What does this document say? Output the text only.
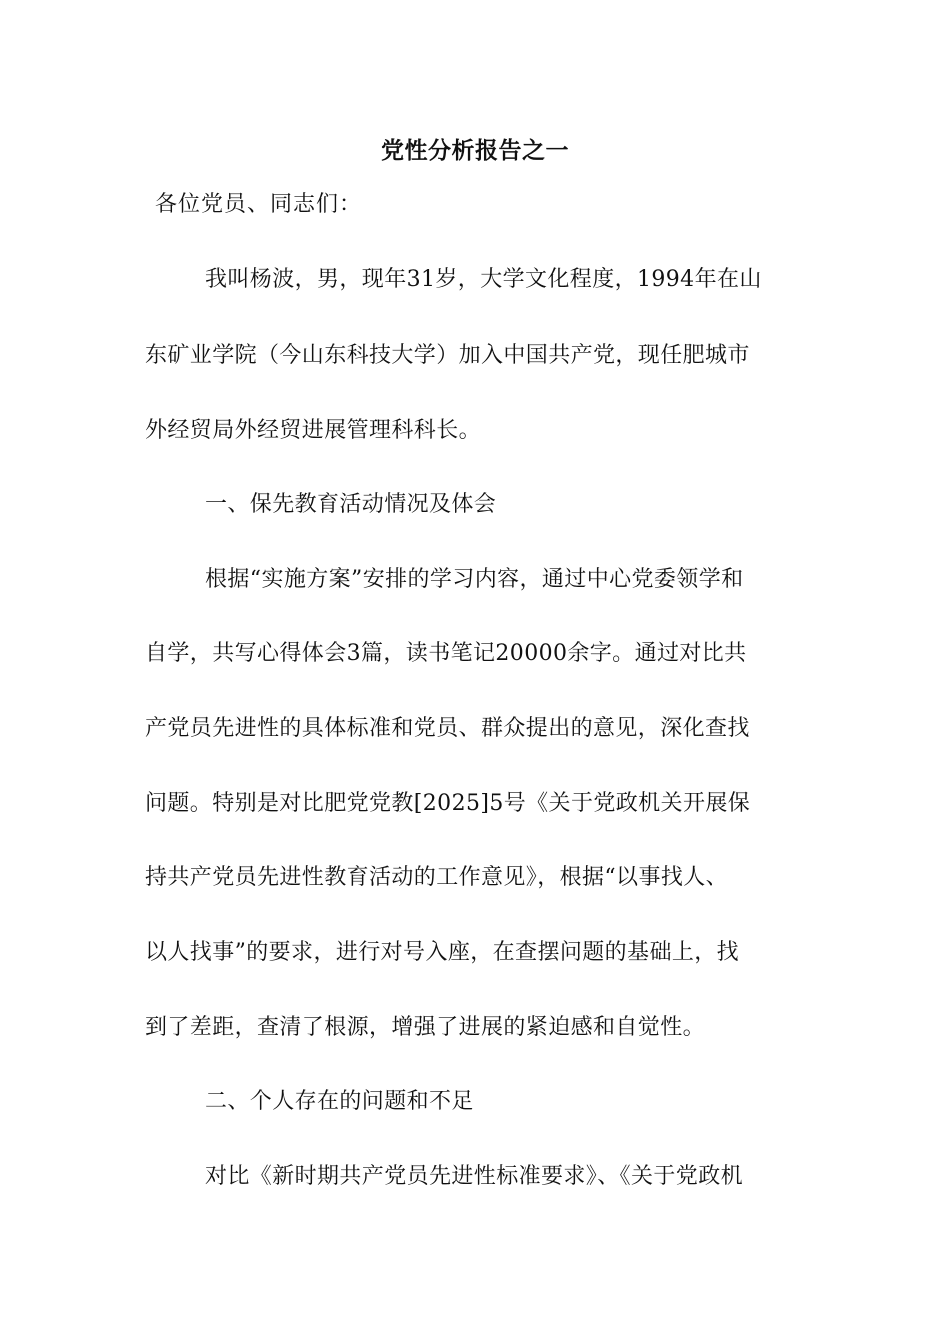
党性分析报告之一
各位党员、同志们：
我叫杨波，男，现年31岁，大学文化程度，1994年在山
东矿业学院（今山东科技大学）加入中国共产党，现任肥城市
外经贸局外经贸进展管理科科长。
一、保先教育活动情况及体会
根据“实施方案”安排的学习内容，通过中心党委领学和
自学，共写心得体会3篇，读书笔记20000余字。通过对比共
产党员先进性的具体标准和党员、群众提出的意见，深化查找
问题。特别是对比肥党党教[2025]5号《关于党政机关开展保
持共产党员先进性教育活动的工作意见》，根据“以事找人、
以人找事”的要求，进行对号入座，在查摆问题的基础上，找
到了差距，查清了根源，增强了进展的紧迫感和自觉性。
二、个人存在的问题和不足
对比《新时期共产党员先进性标准要求》、《关于党政机
